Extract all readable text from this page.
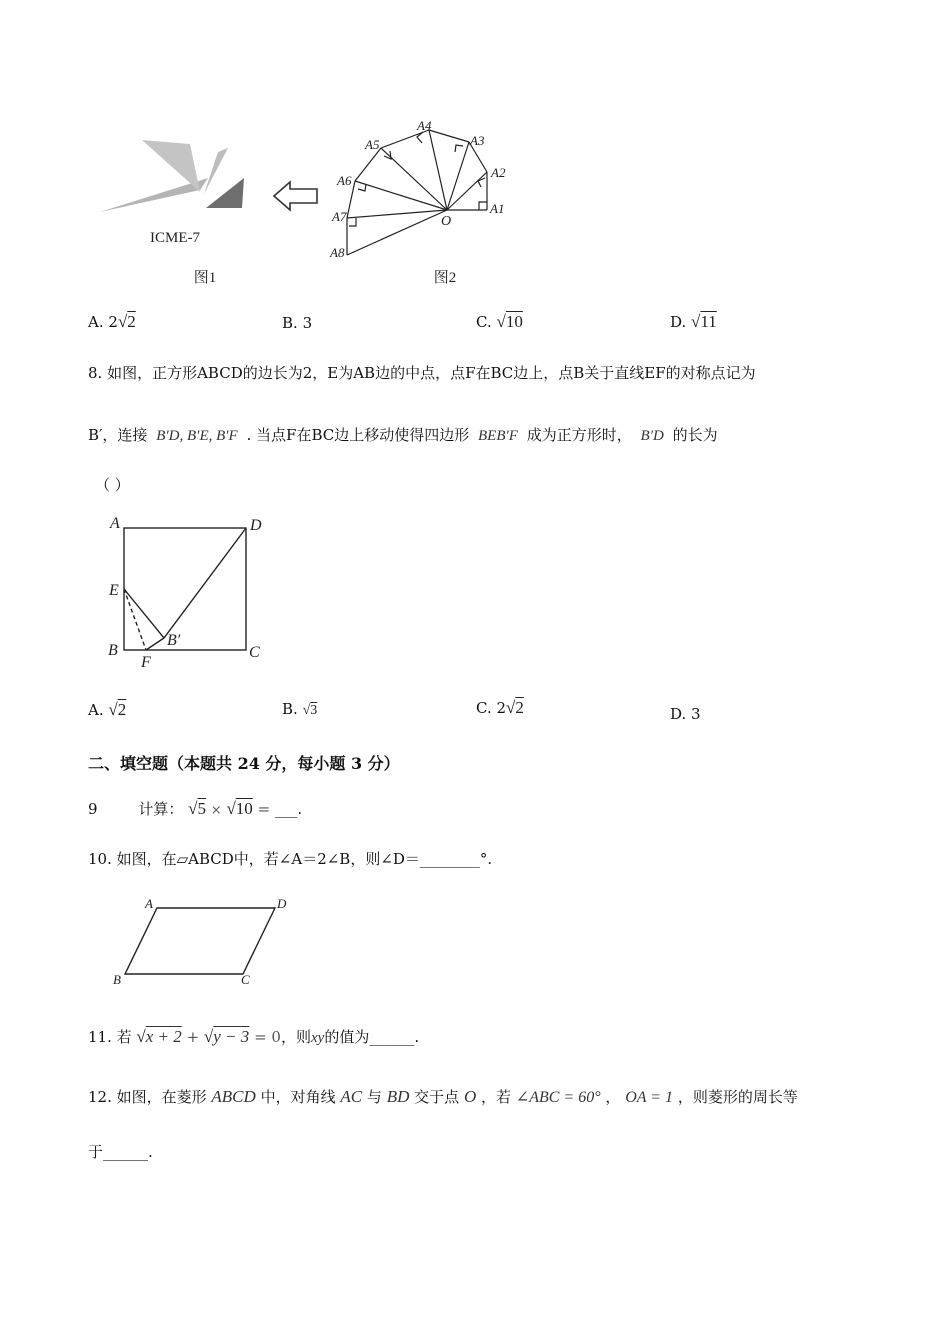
ICME-7
图1
A1
A2
A3
A4
A5
A6
A7
A8
O
图2
A. 2√2	B. 3	C. √10	D. √11
8. 如图，正方形ABCD的边长为2，E为AB边的中点，点F在BC边上，点B关于直线EF的对称点记为
B′，连接 B′D, B′E, B′F . 当点F在BC边上移动使得四边形 BEB′F 成为正方形时， B′D 的长为
（ ）
A	D
E
B
F
B′
C
A. √2	B. √3	C. 2√2	D. 3
二、填空题（本题共 24 分，每小题 3 分）
9	计算： √5 × √10 = ___.
10. 如图，在▱ABCD中，若∠A＝2∠B，则∠D＝________°.
A	D
B	C
11. 若 √x + 2 + √y − 3 = 0，则xy的值为______.
12. 如图，在菱形 ABCD 中，对角线 AC 与 BD 交于点 O ，若 ∠ABC = 60° ， OA = 1 ，则菱形的周长等
于______.
